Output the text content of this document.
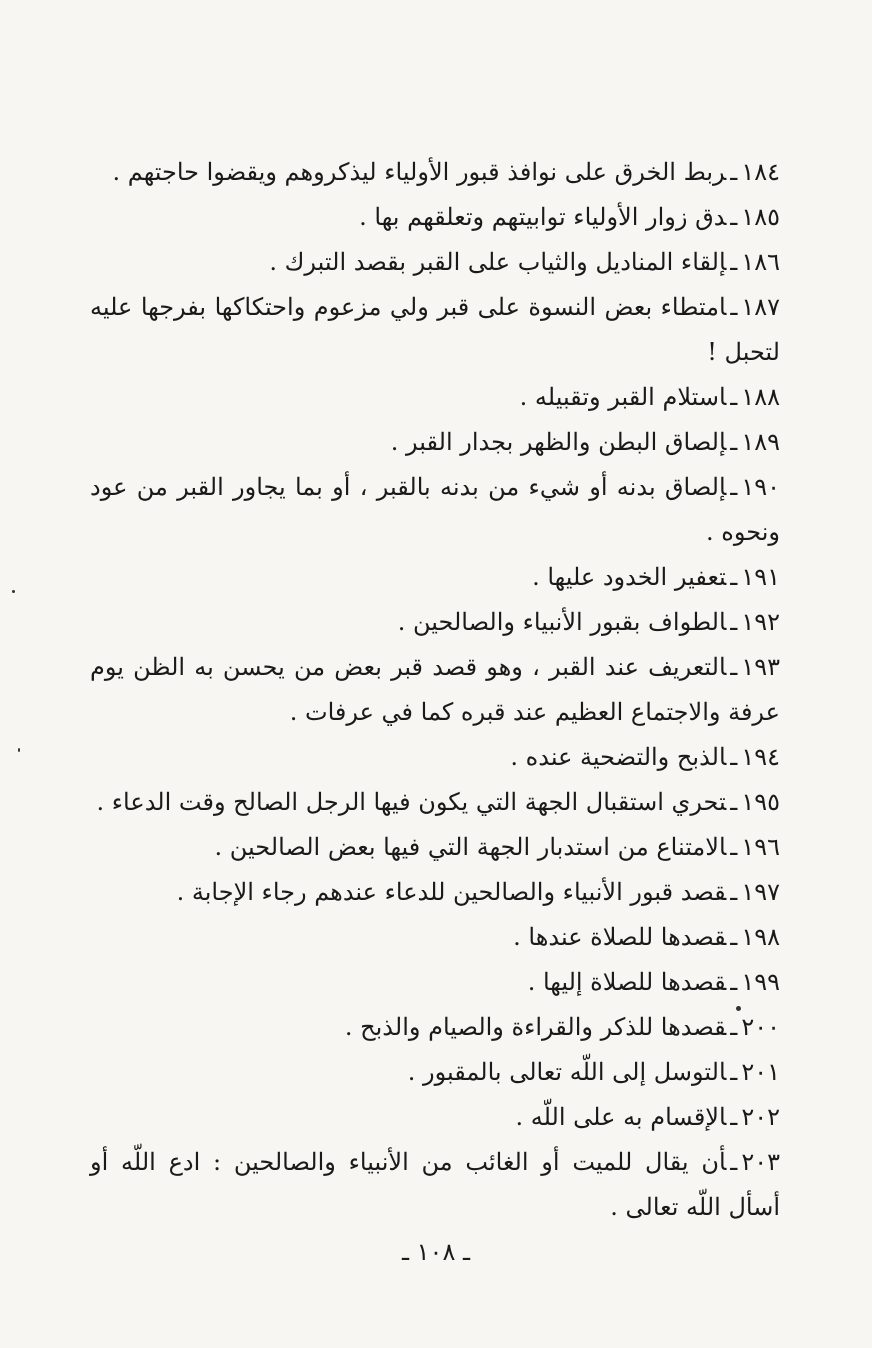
١٨٤ـربط الخرق على نوافذ قبور الأولياء ليذكروهم ويقضوا حاجتهم .

١٨٥ـدق زوار الأولياء توابيتهم وتعلقهم بها .

١٨٦ـإلقاء المناديل والثياب على القبر بقصد التبرك .

١٨٧ـامتطاء بعض النسوة على قبر ولي مزعوم واحتكاكها بفرجها عليه لتحبل !

١٨٨ـاستلام القبر وتقبيله .

١٨٩ـإلصاق البطن والظهر بجدار القبر .

١٩٠ـإلصاق بدنه أو شيء من بدنه بالقبر ، أو بما يجاور القبر من عود ونحوه .

١٩١ـتعفير الخدود عليها .

١٩٢ـالطواف بقبور الأنبياء والصالحين .

١٩٣ـالتعريف عند القبر ، وهو قصد قبر بعض من يحسن به الظن يوم عرفة والاجتماع العظيم عند قبره كما في عرفات .

١٩٤ـالذبح والتضحية عنده .

١٩٥ـتحري استقبال الجهة التي يكون فيها الرجل الصالح وقت الدعاء .

١٩٦ـالامتناع من استدبار الجهة التي فيها بعض الصالحين .

١٩٧ـقصد قبور الأنبياء والصالحين للدعاء عندهم رجاء الإجابة .

١٩٨ـقصدها للصلاة عندها .

١٩٩ـقصدها للصلاة إليها .

٢٠٠ـقصدها للذكر والقراءة والصيام والذبح .

٢٠١ـالتوسل إلى اللّه تعالى بالمقبور .

٢٠٢ـالإقسام به على اللّه .

٢٠٣ـأن يقال للميت أو الغائب من الأنبياء والصالحين : ادع اللّه أو أسأل اللّه تعالى .

ـ ١٠٨ ـ
